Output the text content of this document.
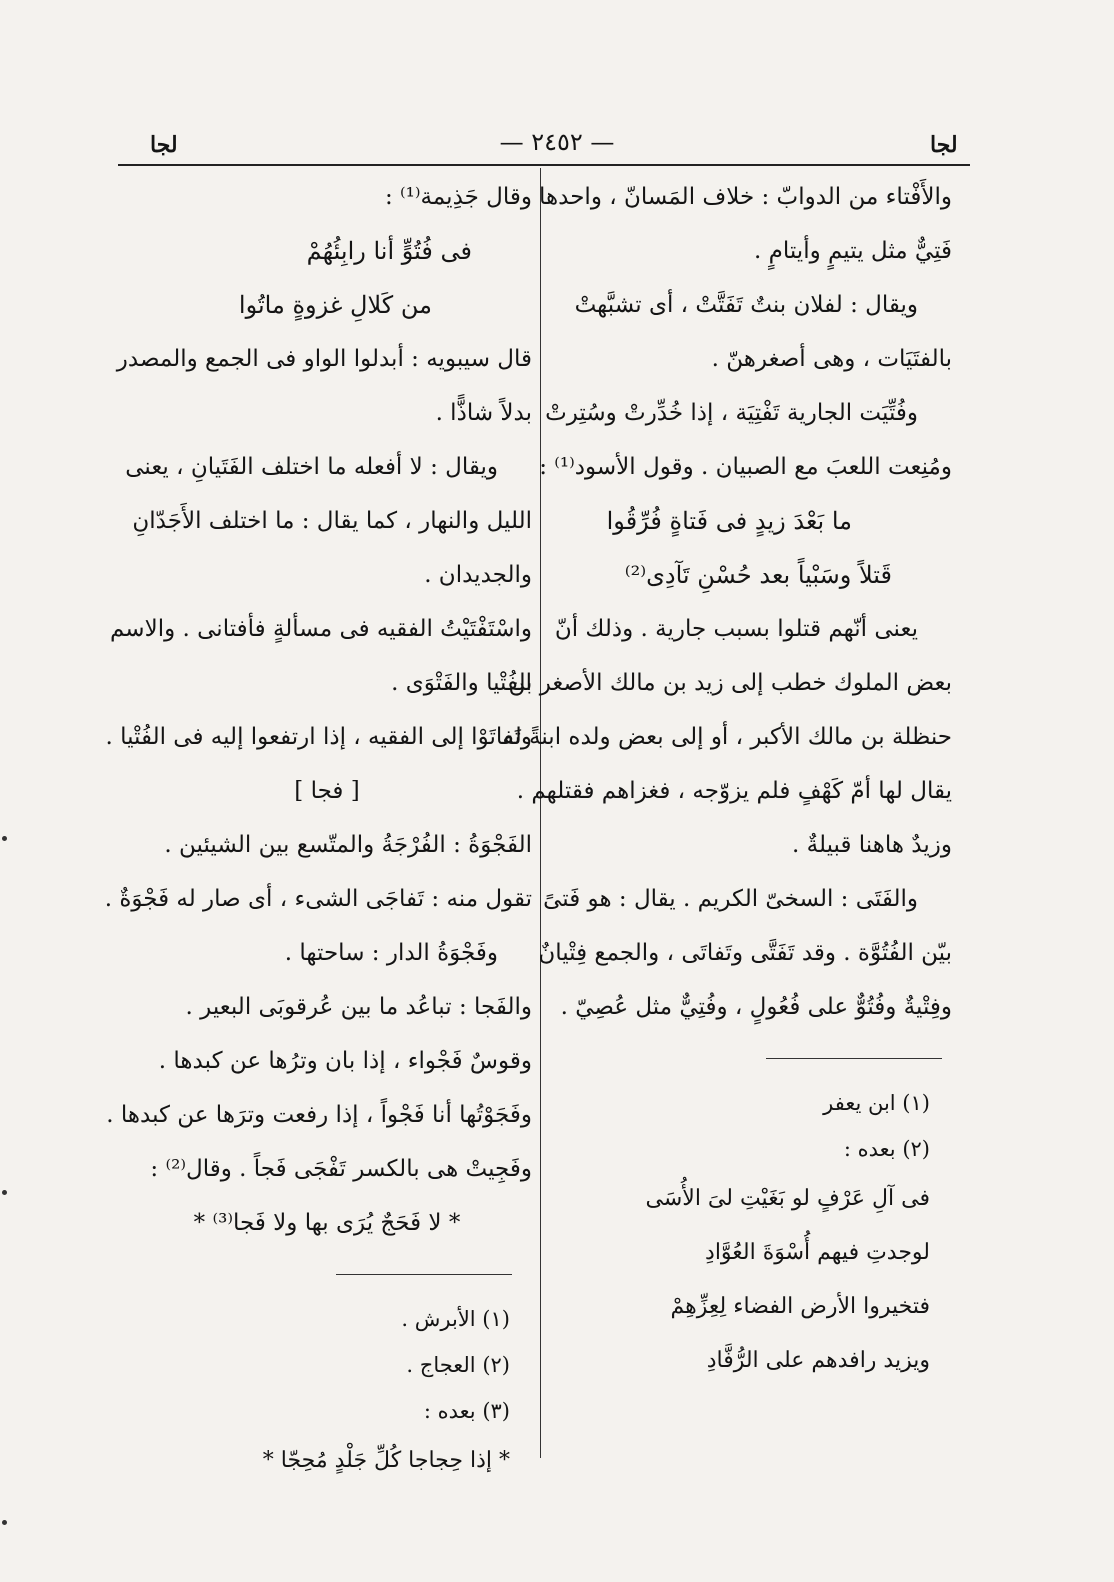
لجا	— ٢٤٥٢ —	لجا
والأَفْتاء من الدوابّ : خلاف المَسانّ ، واحدها
فَتِيٌّ مثل يتيمٍ وأيتامٍ .
ويقال : لفلان بنتٌ تَفَتَّتْ ، أى تشبَّهتْ
بالفتَيَات ، وهى أصغرهنّ .
وفُتِّيَت الجارية تَفْتِيَة ، إذا خُدِّرتْ وسُتِرتْ
ومُنِعت اللعبَ مع الصبيان . وقول الأسود⁽¹⁾ :
ما بَعْدَ زيدٍ فى فَتاةٍ فُرِّقُوا
قَتلاً وسَبْياً بعد حُسْنِ تَآدِى⁽²⁾
يعنى أنّهم قتلوا بسبب جارية . وذلك أنّ
بعض الملوك خطب إلى زيد بن مالك الأصغر بن
حنظلة بن مالك الأكبر ، أو إلى بعض ولده ابنةً له
يقال لها أمّ كَهْفٍ فلم يزوّجه ، فغزاهم فقتلهم .
وزيدٌ هاهنا قبيلةٌ .
والفَتَى : السخىّ الكريم . يقال : هو فَتىً
بيّن الفُتُوَّة . وقد تَفَتَّى وتَفاتَى ، والجمع فِتْيانٌ
وفِتْيةٌ وفُتُوٌّ على فُعُولٍ ، وفُتِيٌّ مثل عُصِيّ .
(١) ابن يعفر
(٢) بعده :
فى آلِ عَرْفٍ لو بَغَيْتِ لىَ الأُسَى
لوجدتِ فيهم أُسْوَةَ العُوَّادِ
فتخيروا الأرض الفضاء لِعِزِّهِمْ
ويزيد رافدهم على الرُّفَّادِ
وقال جَذِيمة⁽¹⁾ :
فى فُتُوٍّ أنا رابِئُهُمْ
من كَلالِ غزوةٍ ماتُوا
قال سيبويه : أبدلوا الواو فى الجمع والمصدر
بدلاً شاذًّا .
ويقال : لا أفعله ما اختلف الفَتَيانِ ، يعنى
الليل والنهار ، كما يقال : ما اختلف الأَجَدّانِ
والجديدان .
واسْتَفْتَيْتُ الفقيه فى مسألةٍ فأفتانى . والاسم
الفُتْيا والفَتْوَى .
وتَفاتَوْا إلى الفقيه ، إذا ارتفعوا إليه فى الفُتْيا .
[ فجا ]
الفَجْوَةُ : الفُرْجَةُ والمتّسع بين الشيئين .
تقول منه : تَفاجَى الشىء ، أى صار له فَجْوَةٌ .
وفَجْوَةُ الدار : ساحتها .
والفَجا : تباعُد ما بين عُرقوبَى البعير .
وقوسٌ فَجْواء ، إذا بان وترُها عن كبدها .
وفَجَوْتُها أنا فَجْواً ، إذا رفعت وترَها عن كبدها .
وفَجِيتْ هى بالكسر تَفْجَى فَجاً . وقال⁽²⁾ :
* لا فَحَجٌ يُرَى بها ولا فَجا⁽³⁾ *
(١) الأبرش .
(٢) العجاج .
(٣) بعده :
* إذا حِجاجا كُلِّ جَلْدٍ مُحِجّا *
